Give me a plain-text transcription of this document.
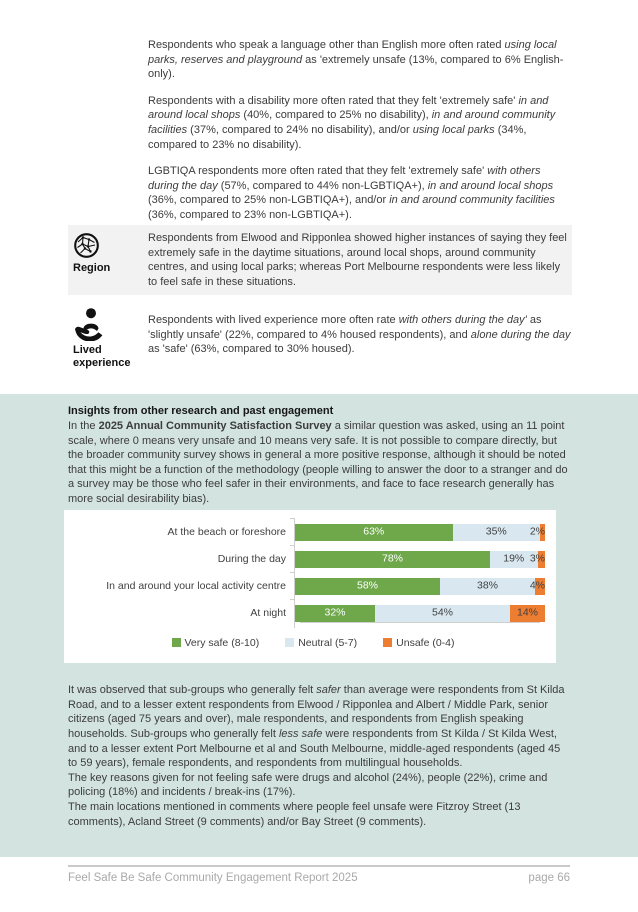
Respondents who speak a language other than English more often rated using local parks, reserves and playground as 'extremely unsafe (13%, compared to 6% English-only).

Respondents with a disability more often rated that they felt 'extremely safe' in and around local shops (40%, compared to 25% no disability), in and around community facilities (37%, compared to 24% no disability), and/or using local parks (34%, compared to 23% no disability).

LGBTIQA respondents more often rated that they felt 'extremely safe' with others during the day (57%, compared to 44% non-LGBTIQA+), in and around local shops (36%, compared to 25% non-LGBTIQA+), and/or in and around community facilities (36%, compared to 23% non-LGBTIQA+).

Region
Respondents from Elwood and Ripponlea showed higher instances of saying they feel extremely safe in the daytime situations, around local shops, around community centres, and using local parks; whereas Port Melbourne respondents were less likely to feel safe in these situations.
Lived experience
Respondents with lived experience more often rate with others during the day' as 'slightly unsafe' (22%, compared to 4% housed respondents), and alone during the day as 'safe' (63%, compared to 30% housed).

Insights from other research and past engagement

In the 2025 Annual Community Satisfaction Survey a similar question was asked, using an 11 point scale, where 0 means very unsafe and 10 means very safe. It is not possible to compare directly, but the broader community survey shows in general a more positive response, although it should be noted that this might be a function of the methodology (people willing to answer the door to a stranger and do a survey may be those who feel safer in their environments, and face to face research generally has more social desirability bias).

At the beach or foreshore	63%	35% 2%
During the day	78%	19% 3%
In and around your local activity centre	58%	38%	4%
At night	32%	54%	14%
Very safe (8-10)	Neutral (5-7)	Unsafe (0-4)

It was observed that sub-groups who generally felt safer than average were respondents from St Kilda Road, and to a lesser extent respondents from Elwood / Ripponlea and Albert / Middle Park, senior citizens (aged 75 years and over), male respondents, and respondents from English speaking households. Sub-groups who generally felt less safe were respondents from St Kilda / St Kilda West, and to a lesser extent Port Melbourne et al and South Melbourne, middle-aged respondents (aged 45 to 59 years), female respondents, and respondents from multilingual households.

The key reasons given for not feeling safe were drugs and alcohol (24%), people (22%), crime and policing (18%) and incidents / break-ins (17%).

The main locations mentioned in comments where people feel unsafe were Fitzroy Street (13 comments), Acland Street (9 comments) and/or Bay Street (9 comments).

Feel Safe Be Safe Community Engagement Report 2025	page 66
